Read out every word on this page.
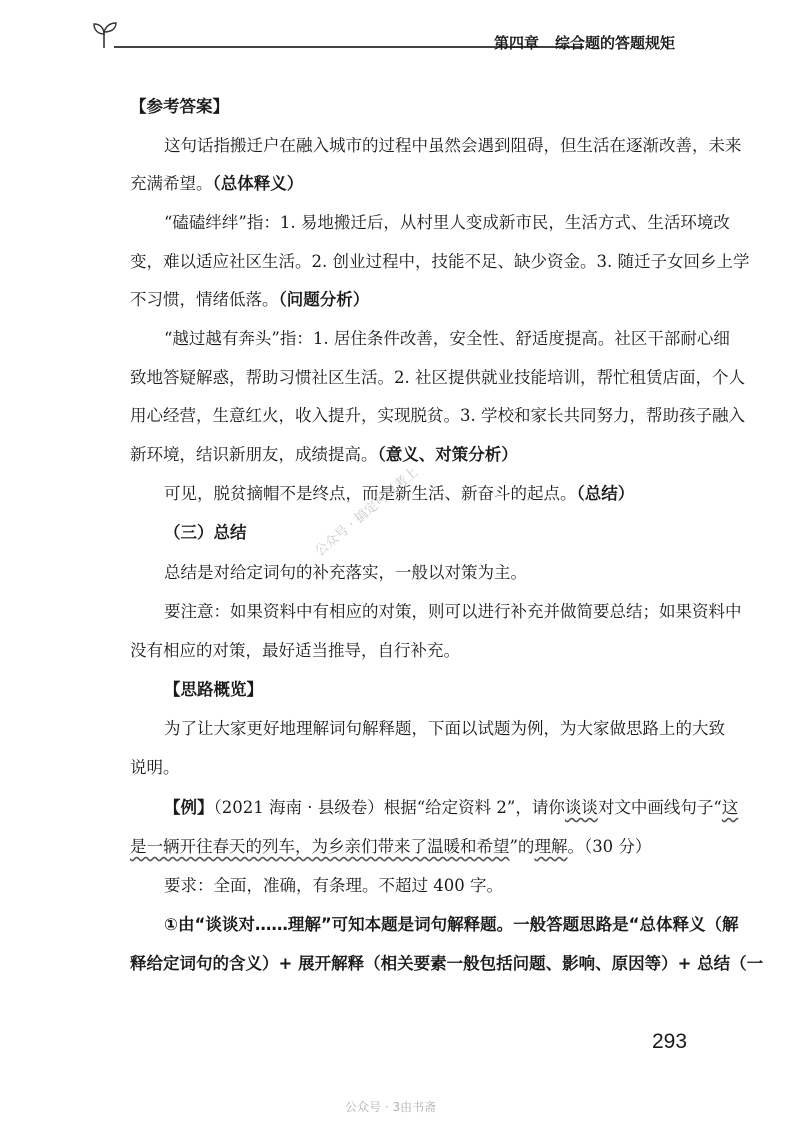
第四章 综合题的答题规矩
【参考答案】
这句话指搬迁户在融入城市的过程中虽然会遇到阻碍，但生活在逐渐改善，未来
充满希望。（总体释义）
“磕磕绊绊”指：1. 易地搬迁后，从村里人变成新市民，生活方式、生活环境改
变，难以适应社区生活。2. 创业过程中，技能不足、缺少资金。3. 随迁子女回乡上学
不习惯，情绪低落。（问题分析）
“越过越有奔头”指：1. 居住条件改善，安全性、舒适度提高。社区干部耐心细
致地答疑解惑，帮助习惯社区生活。2. 社区提供就业技能培训，帮忙租赁店面，个人
用心经营，生意红火，收入提升，实现脱贫。3. 学校和家长共同努力，帮助孩子融入
新环境，结识新朋友，成绩提高。（意义、对策分析）
可见，脱贫摘帽不是终点，而是新生活、新奋斗的起点。（总结）
（三）总结
总结是对给定词句的补充落实，一般以对策为主。
要注意：如果资料中有相应的对策，则可以进行补充并做简要总结；如果资料中
没有相应的对策，最好适当推导，自行补充。
【思路概览】
为了让大家更好地理解词句解释题，下面以试题为例，为大家做思路上的大致
说明。
【例】（2021 海南 · 县级卷）根据“给定资料 2”，请你谈谈对文中画线句子“这
是一辆开往春天的列车，为乡亲们带来了温暖和希望”的理解。（30 分）
要求：全面，准确，有条理。不超过 400 字。
①由“谈谈对……理解”可知本题是词句解释题。一般答题思路是“总体释义（解
释给定词句的含义）+ 展开解释（相关要素一般包括问题、影响、原因等）+ 总结（一
公众号 · 搞定可以考上
293
公众号 · 3由书斋
